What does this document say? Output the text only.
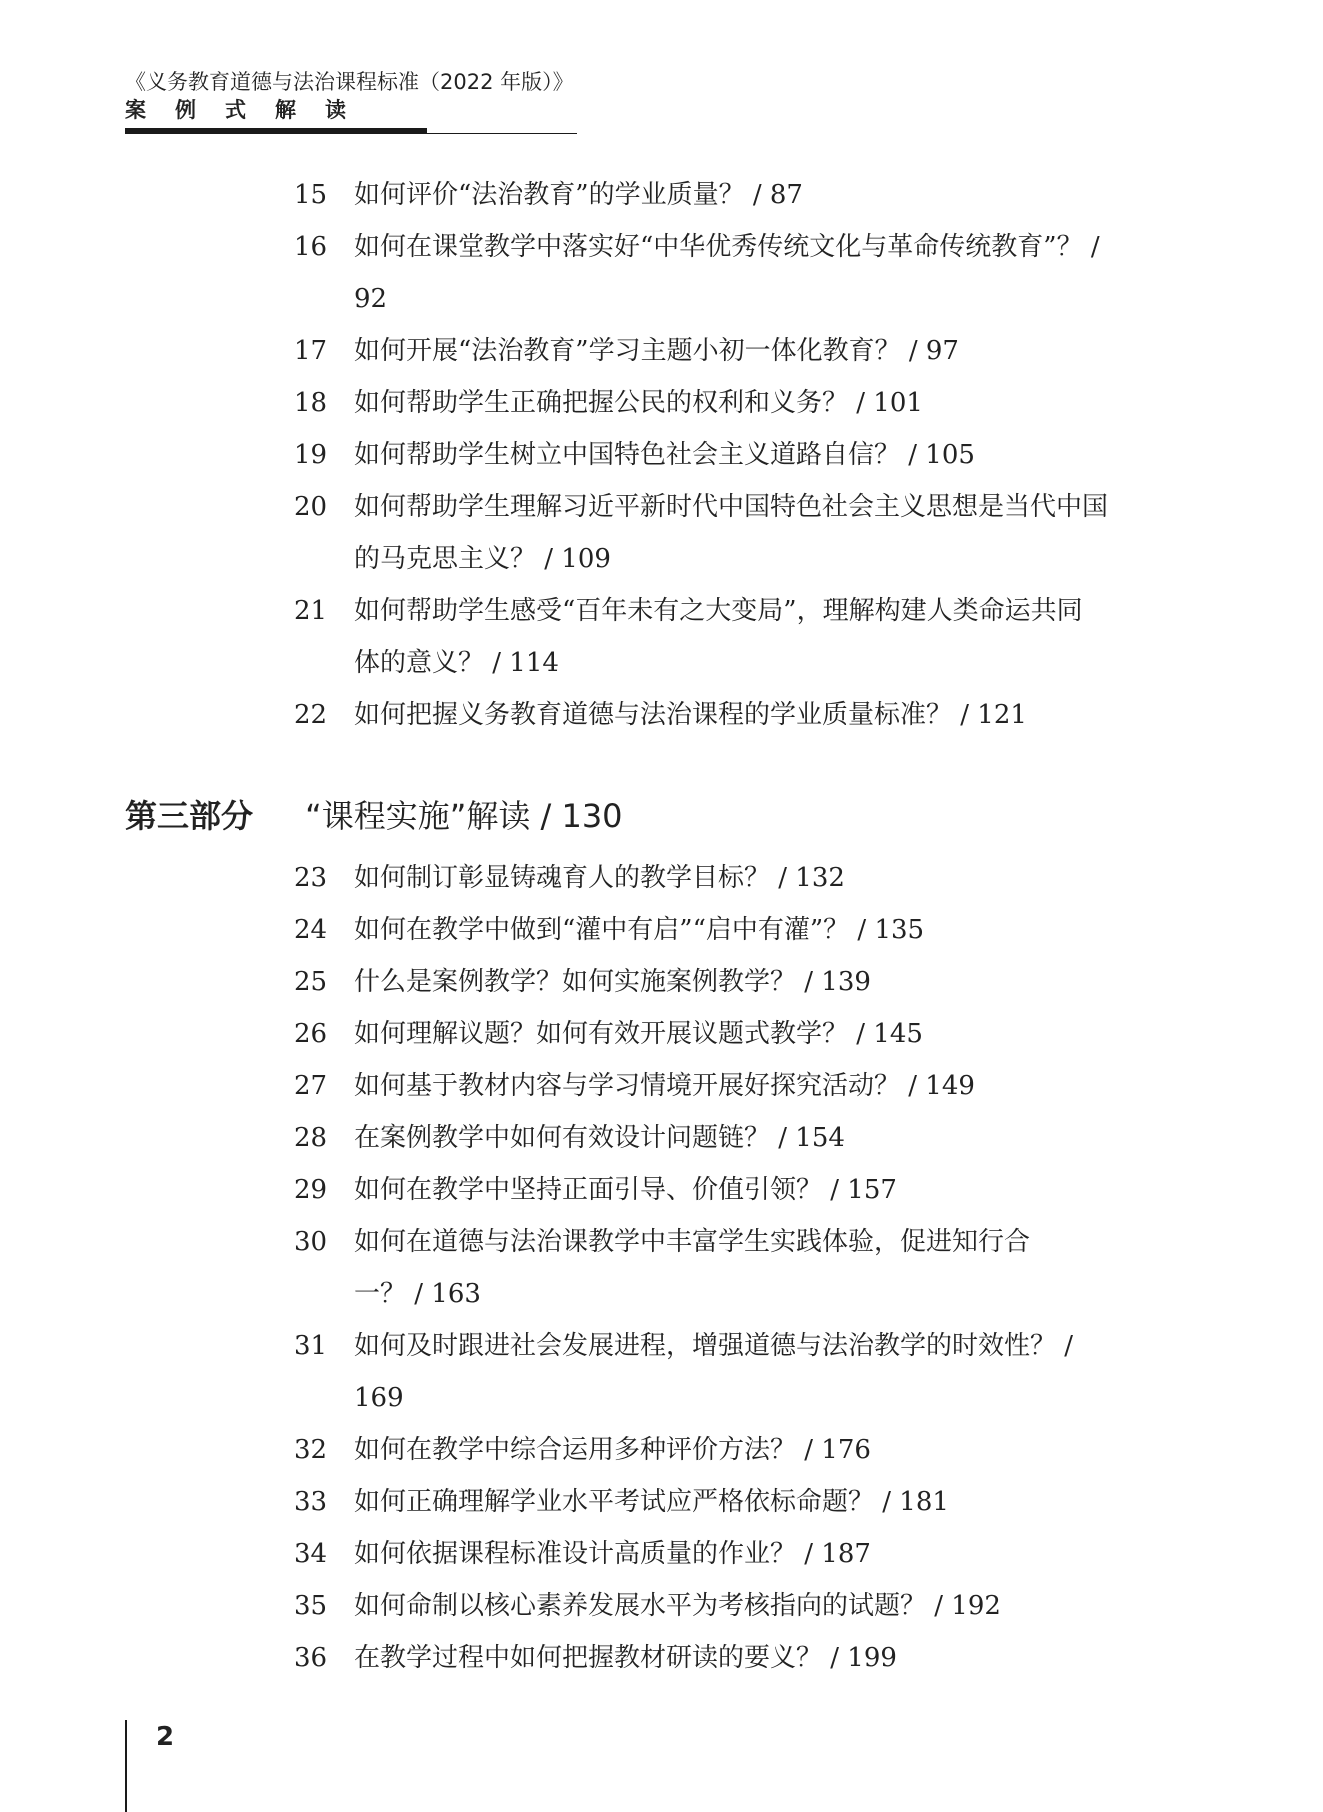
《义务教育道德与法治课程标准（2022 年版）》
案例式解读
15 如何评价“法治教育”的学业质量？ / 87
16 如何在课堂教学中落实好“中华优秀传统文化与革命传统教育”？ / 92
17 如何开展“法治教育”学习主题小初一体化教育？ / 97
18 如何帮助学生正确把握公民的权利和义务？ / 101
19 如何帮助学生树立中国特色社会主义道路自信？ / 105
20 如何帮助学生理解习近平新时代中国特色社会主义思想是当代中国的马克思主义？ / 109
21 如何帮助学生感受“百年未有之大变局”，理解构建人类命运共同体的意义？ / 114
22 如何把握义务教育道德与法治课程的学业质量标准？ / 121
第三部分 “课程实施”解读 / 130
23 如何制订彰显铸魂育人的教学目标？ / 132
24 如何在教学中做到“灌中有启”“启中有灌”？ / 135
25 什么是案例教学？如何实施案例教学？ / 139
26 如何理解议题？如何有效开展议题式教学？ / 145
27 如何基于教材内容与学习情境开展好探究活动？ / 149
28 在案例教学中如何有效设计问题链？ / 154
29 如何在教学中坚持正面引导、价值引领？ / 157
30 如何在道德与法治课教学中丰富学生实践体验，促进知行合一？ / 163
31 如何及时跟进社会发展进程，增强道德与法治教学的时效性？ / 169
32 如何在教学中综合运用多种评价方法？ / 176
33 如何正确理解学业水平考试应严格依标命题？ / 181
34 如何依据课程标准设计高质量的作业？ / 187
35 如何命制以核心素养发展水平为考核指向的试题？ / 192
36 在教学过程中如何把握教材研读的要义？ / 199
2
